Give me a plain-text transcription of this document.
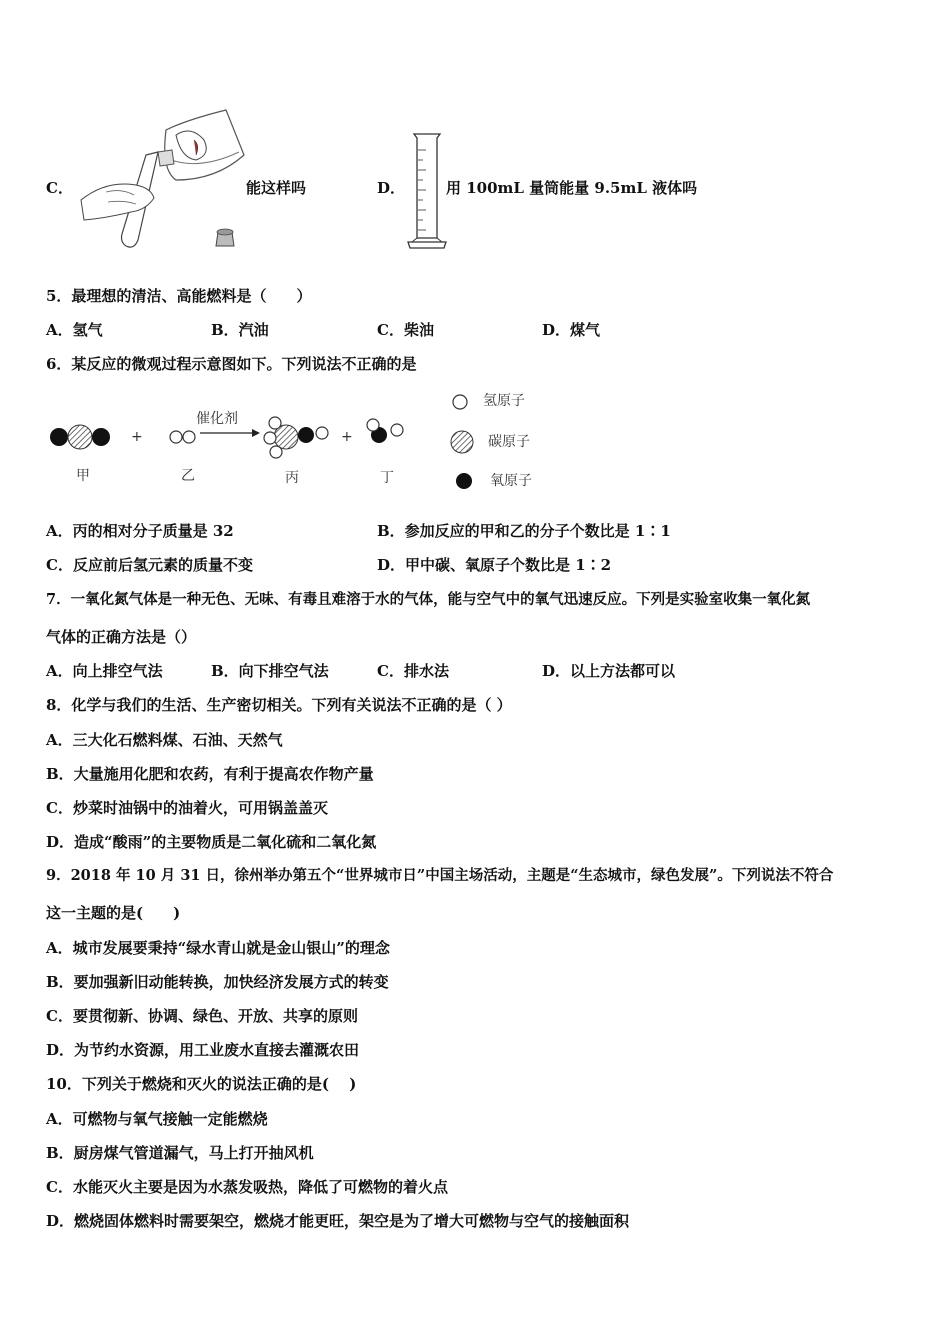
C．	能这样吗	D．	用 100mL 量筒能量 9.5mL 液体吗
5．最理想的清洁、高能燃料是（　　）
A．氢气	B．汽油	C．柴油	D．煤气
6．某反应的微观过程示意图如下。下列说法不正确的是
+
催化剂
+
甲	乙	丙	丁
氢原子
碳原子
氧原子
A．丙的相对分子质量是 32	B．参加反应的甲和乙的分子个数比是 1∶1
C．反应前后氢元素的质量不变	D．甲中碳、氧原子个数比是 1∶2
7．一氧化氮气体是一种无色、无味、有毒且难溶于水的气体，能与空气中的氧气迅速反应。下列是实验室收集一氧化氮
气体的正确方法是（）
A．向上排空气法	B．向下排空气法	C．排水法	D．以上方法都可以
8．化学与我们的生活、生产密切相关。下列有关说法不正确的是（ ）
A．三大化石燃料煤、石油、天然气
B．大量施用化肥和农药，有利于提高农作物产量
C．炒菜时油锅中的油着火，可用锅盖盖灭
D．造成“酸雨”的主要物质是二氧化硫和二氧化氮
9．2018 年 10 月 31 日，徐州举办第五个“世界城市日”中国主场活动，主题是“生态城市，绿色发展”。下列说法不符合
这一主题的是(　　)
A．城市发展要秉持“绿水青山就是金山银山”的理念
B．要加强新旧动能转换，加快经济发展方式的转变
C．要贯彻新、协调、绿色、开放、共享的原则
D．为节约水资源，用工业废水直接去灌溉农田
10．下列关于燃烧和灭火的说法正确的是(　 )
A．可燃物与氧气接触一定能燃烧
B．厨房煤气管道漏气，马上打开抽风机
C．水能灭火主要是因为水蒸发吸热，降低了可燃物的着火点
D．燃烧固体燃料时需要架空，燃烧才能更旺，架空是为了增大可燃物与空气的接触面积
